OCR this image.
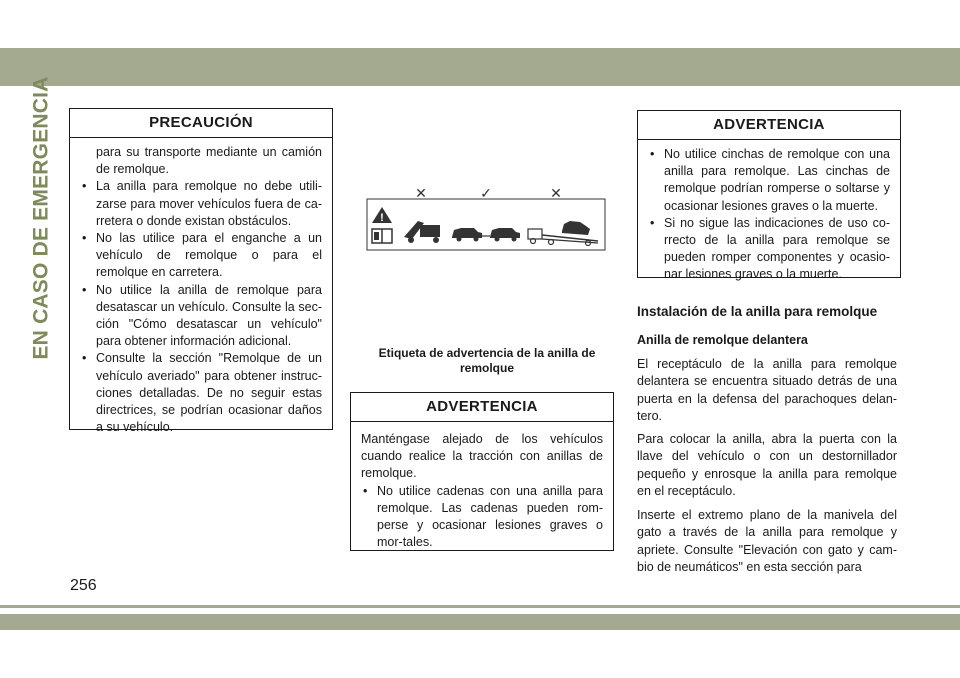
EN CASO DE EMERGENCIA
256
PRECAUCIÓN

para su transporte mediante un camión de remolque.

• La anilla para remolque no debe utili-zarse para mover vehículos fuera de ca-rretera o donde existan obstáculos.

• No las utilice para el enganche a un vehículo de remolque o para el remolque en carretera.

• No utilice la anilla de remolque para desatascar un vehículo. Consulte la sec-ción "Cómo desatascar un vehículo" para obtener información adicional.

• Consulte la sección "Remolque de un vehículo averiado" para obtener instruc-ciones detalladas. De no seguir estas directrices, se podrían ocasionar daños a su vehículo.

!
✕	✓	✕
Etiqueta de advertencia de la anilla de remolque
ADVERTENCIA

Manténgase alejado de los vehículos cuando realice la tracción con anillas de remolque.

• No utilice cadenas con una anilla para remolque. Las cadenas pueden rom-perse y ocasionar lesiones graves o mor-tales.

ADVERTENCIA

• No utilice cinchas de remolque con una anilla para remolque. Las cinchas de remolque podrían romperse o soltarse y ocasionar lesiones graves o la muerte.

• Si no sigue las indicaciones de uso co-rrecto de la anilla para remolque se pueden romper componentes y ocasio-nar lesiones graves o la muerte.

Instalación de la anilla para remolque
Anilla de remolque delantera

El receptáculo de la anilla para remolque delantera se encuentra situado detrás de una puerta en la defensa del parachoques delan-tero.

Para colocar la anilla, abra la puerta con la llave del vehículo o con un destornillador pequeño y enrosque la anilla para remolque en el receptáculo.

Inserte el extremo plano de la manivela del gato a través de la anilla para remolque y apriete. Consulte "Elevación con gato y cam-bio de neumáticos" en esta sección para
